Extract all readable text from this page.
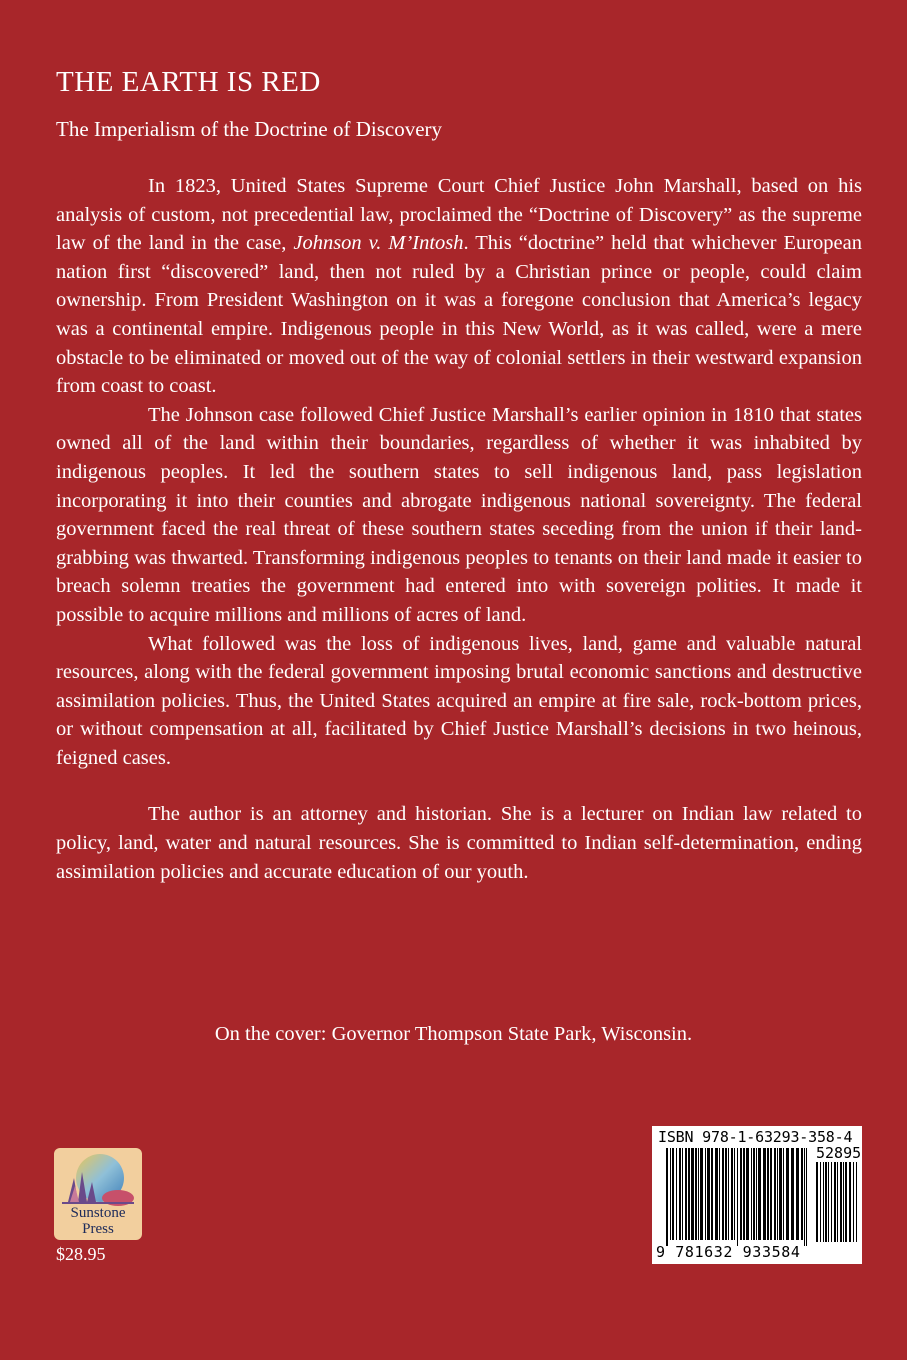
THE EARTH IS RED
The Imperialism of the Doctrine of Discovery

In 1823, United States Supreme Court Chief Justice John Marshall, based on his analysis of custom, not precedential law, proclaimed the “Doctrine of Discovery” as the supreme law of the land in the case, Johnson v. M’Intosh. This “doctrine” held that whichever European nation first “discovered” land, then not ruled by a Christian prince or people, could claim ownership. From President Washington on it was a foregone conclusion that America’s legacy was a continental empire. Indigenous people in this New World, as it was called, were a mere obstacle to be eliminated or moved out of the way of colonial settlers in their westward expansion from coast to coast.

The Johnson case followed Chief Justice Marshall’s earlier opinion in 1810 that states owned all of the land within their boundaries, regardless of whether it was inhabited by indigenous peoples. It led the southern states to sell indigenous land, pass legislation incorporating it into their counties and abrogate indigenous national sovereignty. The federal government faced the real threat of these southern states seceding from the union if their land-grabbing was thwarted. Transforming indigenous peoples to tenants on their land made it easier to breach solemn treaties the government had entered into with sovereign polities. It made it possible to acquire millions and millions of acres of land.

What followed was the loss of indigenous lives, land, game and valuable natural resources, along with the federal government imposing brutal economic sanctions and destructive assimilation policies. Thus, the United States acquired an empire at fire sale, rock-bottom prices, or without compensation at all, facilitated by Chief Justice Marshall’s decisions in two heinous, feigned cases.

The author is an attorney and historian. She is a lecturer on Indian law related to policy, land, water and natural resources. She is committed to Indian self-determination, ending assimilation policies and accurate education of our youth.

On the cover: Governor Thompson State Park, Wisconsin.
Sunstone
Press
$28.95
ISBN 978-1-63293-358-4
52895
9 781632 933584
